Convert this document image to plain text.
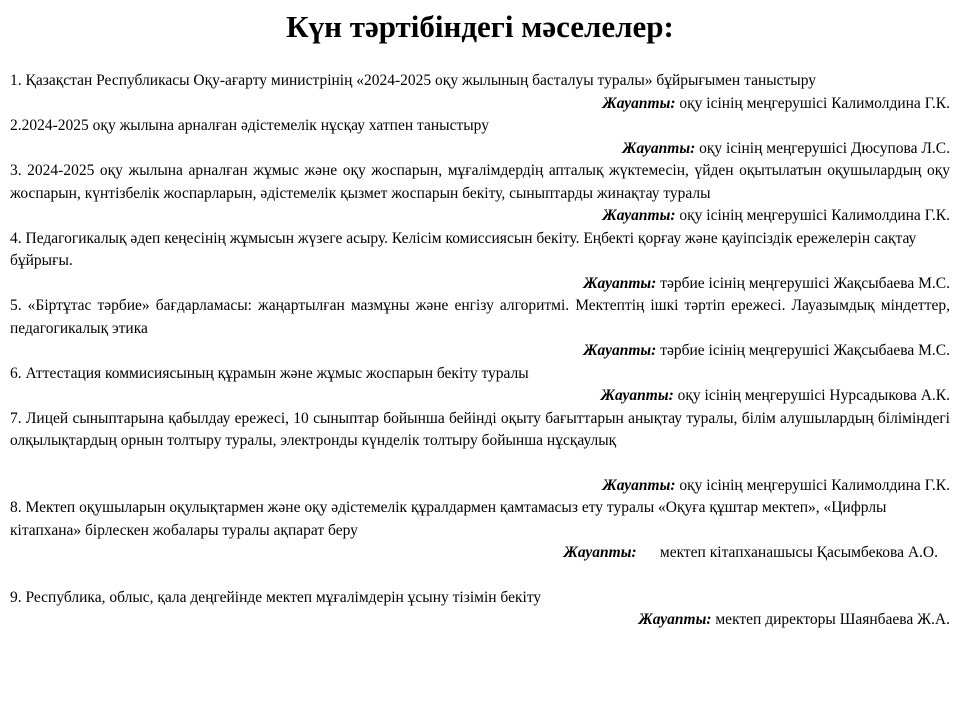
Күн тәртібіндегі мәселелер:
1. Қазақстан Республикасы Оқу-ағарту министрінің «2024-2025 оқу жылының басталуы туралы» бұйрығымен таныстыру
Жауапты: оқу ісінің меңгерушісі Калимолдина Г.К.
2.2024-2025 оқу жылына арналған әдістемелік нұсқау хатпен таныстыру
Жауапты: оқу ісінің меңгерушісі Дюсупова Л.С.
3. 2024-2025 оқу жылына арналған жұмыс және оқу жоспарын, мұғалімдердің апталық жүктемесін, үйден оқытылатын оқушылардың оқу жоспарын, күнтізбелік жоспарларын, әдістемелік қызмет жоспарын бекіту, сыныптарды жинақтау туралы
Жауапты: оқу ісінің меңгерушісі Калимолдина Г.К.
4. Педагогикалық әдеп кеңесінің жұмысын жүзеге асыру. Келісім комиссиясын бекіту. Еңбекті қорғау және қауіпсіздік ережелерін сақтау бұйрығы.
Жауапты: тәрбие ісінің меңгерушісі Жақсыбаева М.С.
5. «Біртұтас тәрбие» бағдарламасы: жаңартылған мазмұны және енгізу алгоритмі. Мектептің ішкі тәртіп ережесі. Лауазымдық міндеттер, педагогикалық этика
Жауапты: тәрбие ісінің меңгерушісі Жақсыбаева М.С.
6. Аттестация коммисиясының құрамын және жұмыс жоспарын бекіту туралы
Жауапты: оқу ісінің меңгерушісі Нурсадыкова А.К.
7. Лицей сыныптарына қабылдау ережесі, 10 сыныптар бойынша бейінді оқыту бағыттарын анықтау туралы, білім алушылардың біліміндегі олқылықтардың орнын толтыру туралы, электронды күнделік толтыру бойынша нұсқаулық
Жауапты: оқу ісінің меңгерушісі Калимолдина Г.К.
8. Мектеп оқушыларын оқулықтармен және оқу әдістемелік құралдармен қамтамасыз ету туралы «Оқуға құштар мектеп», «Цифрлы кітапхана» бірлескен жобалары туралы ақпарат беру
Жауапты: мектеп кітапханашысы Қасымбекова А.О.
9. Республика, облыс, қала деңгейінде мектеп мұғалімдерін ұсыну тізімін бекіту
Жауапты: мектеп директоры Шаянбаева Ж.А.
